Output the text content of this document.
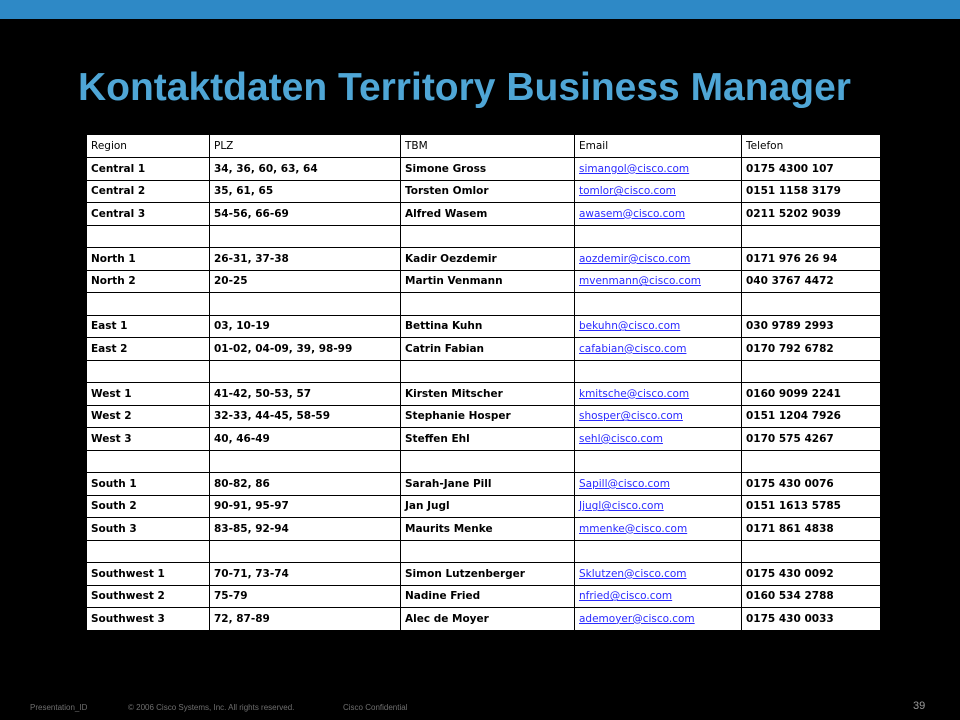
Kontaktdaten Territory Business Manager
Region	PLZ	TBM	Email	Telefon
Central 1	34, 36, 60, 63, 64	Simone Gross	simangol@cisco.com	0175 4300 107
Central 2	35, 61, 65	Torsten Omlor	tomlor@cisco.com	0151 1158 3179
Central 3	54-56, 66-69	Alfred Wasem	awasem@cisco.com	0211 5202 9039

North 1	26-31, 37-38	Kadir Oezdemir	aozdemir@cisco.com	0171 976 26 94
North 2	20-25	Martin Venmann	mvenmann@cisco.com	040 3767 4472

East 1	03, 10-19	Bettina Kuhn	bekuhn@cisco.com	030 9789 2993
East 2	01-02, 04-09, 39, 98-99	Catrin Fabian	cafabian@cisco.com	0170 792 6782

West 1	41-42, 50-53, 57	Kirsten Mitscher	kmitsche@cisco.com	0160 9099 2241
West 2	32-33, 44-45, 58-59	Stephanie Hosper	shosper@cisco.com	0151 1204 7926
West 3	40, 46-49	Steffen Ehl	sehl@cisco.com	0170 575 4267

South 1	80-82, 86	Sarah-Jane Pill	Sapill@cisco.com	0175 430 0076
South 2	90-91, 95-97	Jan Jugl	Jjugl@cisco.com	0151 1613 5785
South 3	83-85, 92-94	Maurits Menke	mmenke@cisco.com	0171 861 4838

Southwest 1	70-71, 73-74	Simon Lutzenberger	Sklutzen@cisco.com	0175 430 0092
Southwest 2	75-79	Nadine Fried	nfried@cisco.com	0160 534 2788
Southwest 3	72, 87-89	Alec de Moyer	ademoyer@cisco.com	0175 430 0033
Presentation_ID	© 2006 Cisco Systems, Inc. All rights reserved.	Cisco Confidential	39
